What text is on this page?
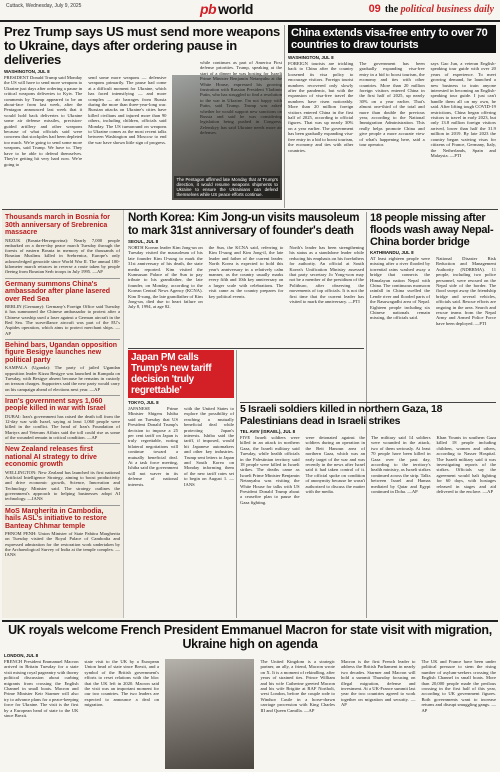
Cuttack, Wednesday, July 9, 2025	pb world	09 the political business daily
Prez Trump says US must send more weapons to Ukraine, days after ordering pause in deliveries
WASHINGTON, JUL 8
PRESIDENT Donald Trump said Monday the US will have to send more weapons to Ukraine just days after ordering a pause in critical weapons deliveries to Kyiv. The comments by Trump appeared to be an about-face from last week, after the Pentagon announced last week that it would hold back deliveries to Ukraine some air defense missiles, precision-guided artillery and other weapons because of what officials said were concerns that stockpiles had been depleted too much. We're going to send some more weapons, said Trump. We have to. They have to be able to defend themselves. They're getting hit very hard now. We're going to
send some more weapons — defensive weapons primarily. The pause had come at a difficult moment for Ukraine, which has faced intensifying — and more complex — air barrages from Russia during the more than three-year-long war. Russian attacks on Ukraine's cities have killed civilians and injured more than 90 others, including children, officials said Monday. The US turnaround on weapons to Ukraine comes as the most recent talks between Washington and Moscow to end the war have shown little sign of progress.
The Pentagon affirmed late Monday that at Trump's direction, it would resume weapons shipments to Ukraine to ensure the Ukrainians can defend themselves while US peace efforts continue.
while continues as part of America First defense priorities. Trump, speaking at the start of a dinner he was hosting for Israeli Prime Minister Benjamin Netanyahu at the White House, expressed his growing frustration with Russian President Vladimir Putin, who has struggled to find a resolution to the war in Ukraine. I'm not happy with Putin, said Trump. Trump was asked whether he would support new sanctions on Russia and said he was considering legislation being pushed in Congress. Zelenskyy has said Ukraine needs more air defenses.
China extends visa-free entry to over 70 countries to draw tourists
WASHINGTON, JUL 8
FOREIGN tourists are trickling back to China after the country loosened its visa policy to encourage visitors. Foreign tourist numbers recovered only slowly after the pandemic, but with the expansion of visa-free travel the numbers have risen noticeably. More than 20 million foreign visitors entered China in the first half of 2025, according to official figures. That was up nearly 30% on a year earlier. The government has been gradually expanding visa-free entry in a bid to boost tourism, the economy and ties with other countries.
The government has been gradually expanding visa-free entry in a bid to boost tourism, the economy and ties with other countries. More than 20 million foreign visitors entered China in the first half of 2025, up nearly 30% on a year earlier. That's almost one-third of the total and more than double the previous year, according to the National Immigration Administration. This really helps promote China and give people a more accurate view of what's happening here, said a tour operator.
says Gao Jun, a veteran English-speaking tour guide with over 20 years of experience. To meet growing demand, he launched a new business to train anyone interested in becoming an English-speaking tour guide. I just can't handle them all on my own, he said. After lifting tough COVID-19 restrictions, China began offering visitors to travel in early 2023, but only 13.8 million foreign visitors arrived, lower than half the 31.9 million in 2019. By late 2023 the country began waiving visas for citizens of France, Germany, Italy, the Netherlands, Spain and Malaysia. —PTI
Thousands march in Bosnia for 30th anniversary of Srebrenica massacre

NEZUK (Bosnia-Herzegovina): Nearly 7,000 people embarked on a three-day peace march Tuesday through the forests of eastern Bosnia in memory of the thousands of Bosnian Muslims killed in Srebrenica, Europe's only acknowledged genocide since World War II. The annual 100-kilometer march retraces in reverse a route taken by people fleeing from Bosnian Serb troops in July 1995. —AP

Germany summons China's ambassador after plane lasered over Red Sea

BERLIN (Germany): Germany's Foreign Office said Tuesday it has summoned the Chinese ambassador to protest after a Chinese warship used a laser against a German aircraft in the Red Sea. The surveillance aircraft was part of the EU's Aspides operation, which aims to protect merchant ships. —AP

Behind bars, Ugandan opposition figure Besigye launches new political party

KAMPALA (Uganda): The party of jailed Ugandan opposition leader Kizza Besigye was launched in Kampala on Tuesday, with Besigye absent because he remains in custody on treason charges. Supporters said the new party would carry on his campaign ahead of elections next year. —AP

Iran's government says 1,060 people killed in war with Israel

DUBAI: Iran's government has raised the death toll from the 12-day war with Israel, saying at least 1,060 people were killed in the conflict. The head of Iran's Foundation of Martyrs and Veterans Affairs said the toll could rise as some of the wounded remain in critical condition. —AP

New Zealand releases first national AI strategy to drive economic growth

WELLINGTON: New Zealand has launched its first national Artificial Intelligence Strategy, aiming to boost productivity and drive economic growth, Science, Innovation and Technology Minister said. The strategy outlines the government's approach to helping businesses adopt AI technology. —IANS

MoS Margherita in Cambodia, hails ASL's initiative to restore Banteay Chhmar temple

PHNOM PENH: Union Minister of State Pabitra Margherita on Tuesday visited the Royal Palace of Cambodia and expressed admiration for the restoration work undertaken by the Archaeological Survey of India at the temple complex. —IANS

North Korea: Kim Jong-un visits mausoleum to mark 31st anniversary of founder's death
SEOUL, JUL 8
NORTH Korean leader Kim Jong-un on Tuesday visited the mausoleum of his late founder Kim Il-sung to mark the 31st anniversary of his death, the state media reported. Kim visited the Kumsusan Palace of the Sun to pay tribute to his grandfather, the late founder, on Monday, according to the Korean Central News Agency (KCNA). Kim Il-sung, the late grandfather of Kim Jong-un, died due to heart failure on July 8, 1994, at age 82.
the Sun, the KCNA said, referring to Kim Il-sung and Kim Jong-il, the late leader and father of the current leader. North Korea is expected to hold this year's anniversary in a relatively calm manner, as the country usually marks every fifth and 10th key anniversary on a larger scale with celebrations. The visit came as the country prepares for key political events.
North's leader has been strengthening his status as a standalone leader while reducing his emphasis on his forefathers for authority. An official at South Korea's Unification Ministry assessed that party secretary Jo Yong-won may not be a member of the presidium of the Politburo, after observing the movements of top officials. It is not the first time that the current leader has visited to mark the anniversary. —PTI
18 people missing after floods wash away Nepal-China border bridge
KATHMANDU, JUL 8
AT least eighteen people were missing after a river flooded by torrential rains washed away a bridge that connects the Himalayan nation Nepal with China. The continuous monsoon rainfall in China swelled the Lende river and flooded parts of the Rasuwagadhi area of Nepal. Eighteen people including six Chinese nationals remain missing, the officials said.
National Disaster Risk Reduction and Management Authority (NDRRMA). 11 people, including two police personnel, were rescued on the Nepal side of the border. The flood swept away the friendship bridge and several vehicles, officials said. Rescue efforts are ongoing in the area. Search and rescue teams from the Nepal Army and Armed Police Force have been deployed. —PTI
Japan PM calls Trump's new tariff decision 'truly regrettable'
TOKYO, JUL 8
JAPANESE Prime Minister Shigeru Ishiba said on Tuesday that US President Donald Trump's decision to impose a 25 per cent tariff on Japan is truly regrettable, noting bilateral negotiations will continue toward a mutually beneficial deal. At a task force meeting, Ishiba said the government will not waver in its defense of national interests.
with the United States to explore the possibility of reaching a mutually beneficial deal while protecting Japan's interests. Ishiba said the tariff, if imposed, would hit Japanese automakers and other key industries. Trump sent letters to Japan and South Korea on Monday informing them of the new tariff rates set to begin on August 1. —IANS
5 Israeli soldiers killed in northern Gaza, 18 Palestinians dead in Israeli strikes
TEL AVIV (ISRAEL), JUL 8
FIVE Israeli soldiers were killed in an attack in northern Gaza, the Israeli military said Tuesday, while health officials in the Palestinian territory said 18 people were killed in Israeli strikes. The deaths came as Israeli Prime Minister Benjamin Netanyahu was visiting the White House for talks with US President Donald Trump about a ceasefire plan to pause the Gaza fighting.
were detonated against the soldiers during an operation in the Beit Hanoun area of northern Gaza, which was an early target of the war and was recently in the news after Israel said it had taken control of it. The official spoke on condition of anonymity because he wasn't authorized to discuss the matter with the media.
The military said 14 soldiers were wounded in the attack, two of them seriously. At least 70 people have been killed in Gaza over the past day, according to the territory's health ministry, as Israeli strikes continued across the strip. Talks between Israel and Hamas mediated by Qatar and Egypt continued in Doha. —AP
Khan Younis in southern Gaza killed 18 people including children, women and others, according to Nasser Hospital. The Israeli military said it was investigating reports of the strikes. Officials say the agreement would halt fighting for 60 days, with hostages released in stages and aid delivered to the enclave. —AP
UK royals welcome French President Emmanuel Macron for state visit with migration, Ukraine high on agenda
LONDON, JUL 8
FRENCH President Emmanuel Macron arrived in Britain Tuesday for a state visit mixing royal pageantry with thorny political discussion about curbing migrants from crossing the English Channel in small boats. Macron and Prime Minister Keir Starmer will also try to advance plans for a peace-keeping force for Ukraine. The visit is the first by a European head of state to the UK since Brexit.
state visit to the UK by a European Union head of state since Brexit, and a symbol of the British government's efforts to reset relations with the bloc that the UK left in 2020. Macron said the visit was an important moment for our two countries. The two leaders are expected to announce a deal on migration.
The United Kingdom is a strategic partner, an ally, a friend, Macron wrote on X. It is a moment of rekindling, after years of strained ties. Prince William and his wife Catherine greeted Macron and his wife Brigitte at RAF Northolt, west London, before the couple rode to Windsor Castle in a horse-drawn carriage procession with King Charles III and Queen Camilla. —AP
Macron is the first French leader to address the British Parliament in nearly two decades. Starmer and Macron will hold a summit Thursday focusing on illegal migration, defense and investment. At a UK-France summit last year the two countries agreed to work together on migration and security. —AP
The UK and France have been under political pressure to stem the rising number of asylum-seekers crossing the English Channel in small boats. More than 20,000 people made the perilous crossing in the first half of this year, according to UK government figures. Both governments want to increase returns and disrupt smuggling gangs. —AP
